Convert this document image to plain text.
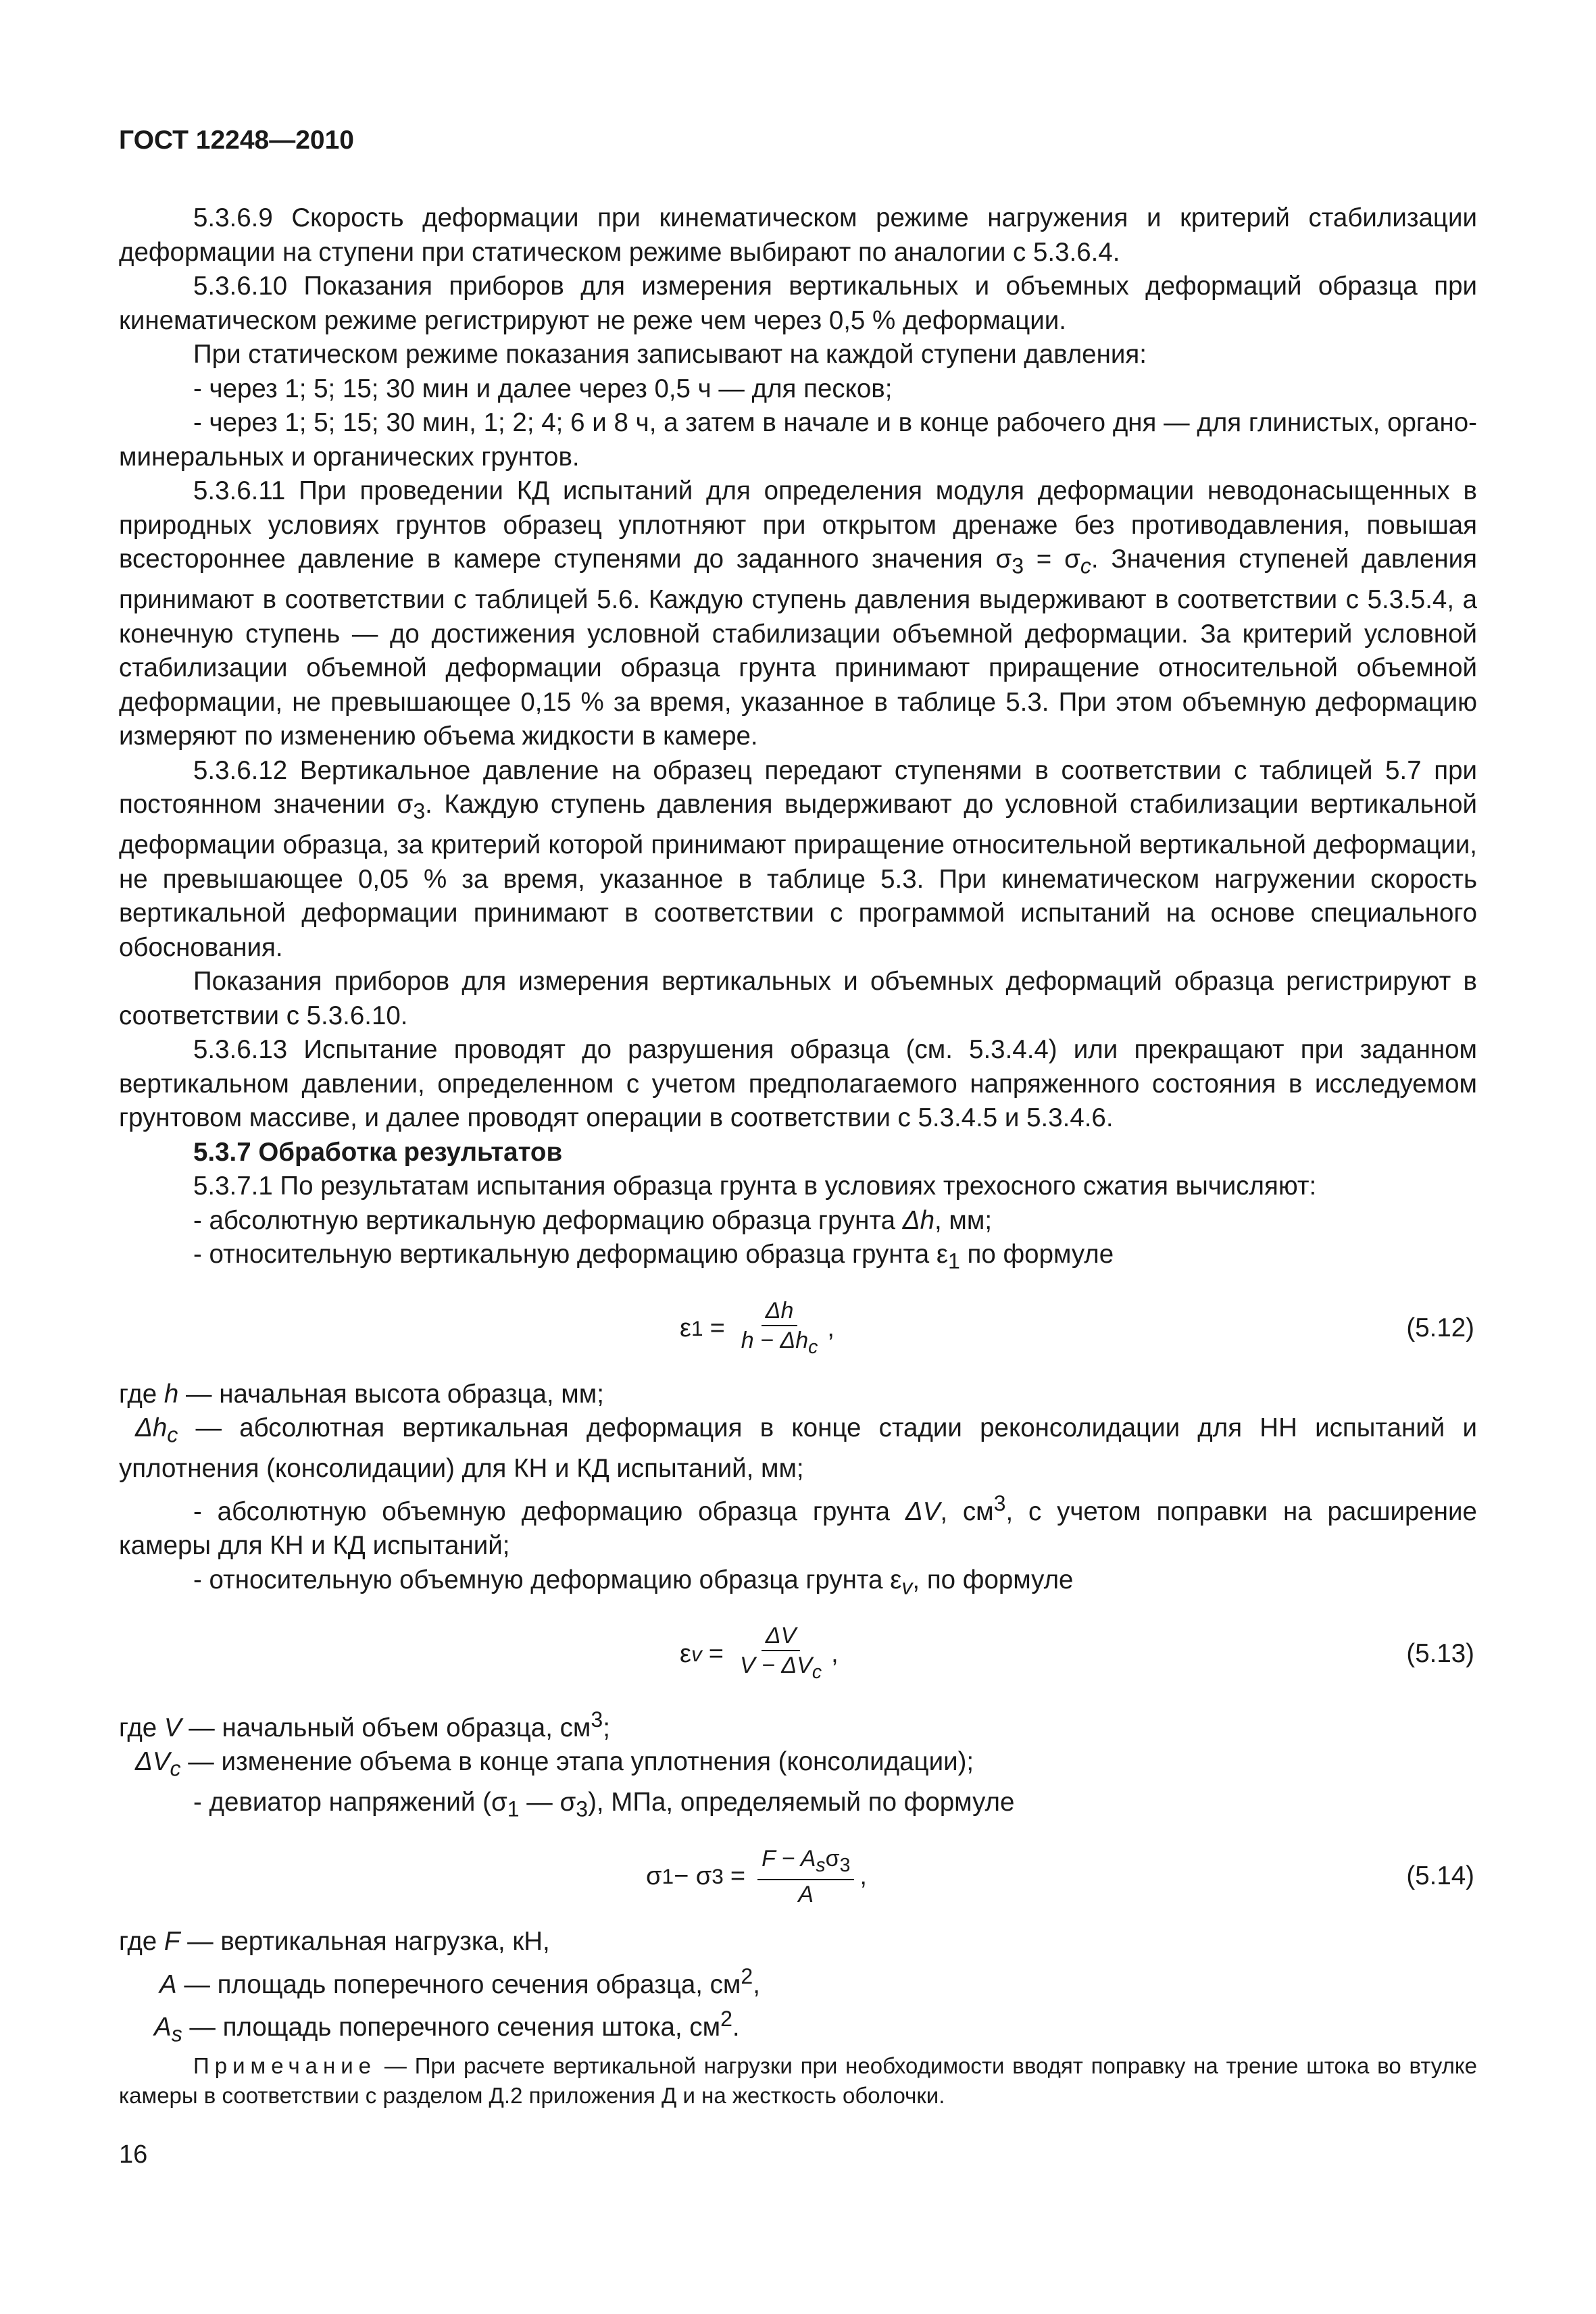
ГОСТ 12248—2010

5.3.6.9 Скорость деформации при кинематическом режиме нагружения и критерий стабилизации деформации на ступени при статическом режиме выбирают по аналогии с 5.3.6.4.

5.3.6.10 Показания приборов для измерения вертикальных и объемных деформаций образца при кинематическом режиме регистрируют не реже чем через 0,5 % деформации.

При статическом режиме показания записывают на каждой ступени давления:

- через 1; 5; 15; 30 мин и далее через 0,5 ч — для песков;

- через 1; 5; 15; 30 мин, 1; 2; 4; 6 и 8 ч, а затем в начале и в конце рабочего дня — для глинистых, органо-минеральных и органических грунтов.

5.3.6.11 При проведении КД испытаний для определения модуля деформации неводонасыщенных в природных условиях грунтов образец уплотняют при открытом дренаже без противодавления, повышая всестороннее давление в камере ступенями до заданного значения $\sigma_3 = \sigma_c$. Значения ступеней давления принимают в соответствии с таблицей 5.6. Каждую ступень давления выдерживают в соответствии с 5.3.5.4, а конечную ступень — до достижения условной стабилизации объемной деформации. За критерий условной стабилизации объемной деформации образца грунта принимают приращение относительной объемной деформации, не превышающее 0,15 % за время, указанное в таблице 5.3. При этом объемную деформацию измеряют по изменению объема жидкости в камере.

5.3.6.12 Вертикальное давление на образец передают ступенями в соответствии с таблицей 5.7 при постоянном значении $\sigma_3$. Каждую ступень давления выдерживают до условной стабилизации вертикальной деформации образца, за критерий которой принимают приращение относительной вертикальной деформации, не превышающее 0,05 % за время, указанное в таблице 5.3. При кинематическом нагружении скорость вертикальной деформации принимают в соответствии с программой испытаний на основе специального обоснования.

Показания приборов для измерения вертикальных и объемных деформаций образца регистрируют в соответствии с 5.3.6.10.

5.3.6.13 Испытание проводят до разрушения образца (см. 5.3.4.4) или прекращают при заданном вертикальном давлении, определенном с учетом предполагаемого напряженного состояния в исследуемом грунтовом массиве, и далее проводят операции в соответствии с 5.3.4.5 и 5.3.4.6.

5.3.7 Обработка результатов

5.3.7.1 По результатам испытания образца грунта в условиях трехосного сжатия вычисляют:

- абсолютную вертикальную деформацию образца грунта Δh, мм;

- относительную вертикальную деформацию образца грунта $\varepsilon_1$ по формуле

ε $1 = \frac{\Delta h}{h - \Delta h_c}$ ,	(5.12)

где h — начальная высота образца, мм;

$\Delta h_c$ — абсолютная вертикальная деформация в конце стадии реконсолидации для НН испытаний и уплотнения (консолидации) для КН и КД испытаний, мм;

- абсолютную объемную деформацию образца грунта ΔV, $см^3$, с учетом поправки на расширение камеры для КН и КД испытаний;

- относительную объемную деформацию образца грунта $\varepsilon_v$, по формуле

ε $v = \frac{\Delta V}{V - \Delta V_c}$ ,	(5.13)

где V — начальный объем образца, $см^3$;

$\Delta V_c$ — изменение объема в конце этапа уплотнения (консолидации);

- девиатор напряжений ($\sigma_1$ — $\sigma_3$), МПа, определяемый по формуле

σ 1 − σ $3 = \frac{F - A_s\sigma_3}{A}$ ,	(5.14)

где F — вертикальная нагрузка, кН,

A — площадь поперечного сечения образца, $см^2$,

$A_s$ — площадь поперечного сечения штока, $см^2$.

Примечание — При расчете вертикальной нагрузки при необходимости вводят поправку на трение штока во втулке камеры в соответствии с разделом Д.2 приложения Д и на жесткость оболочки.

16
